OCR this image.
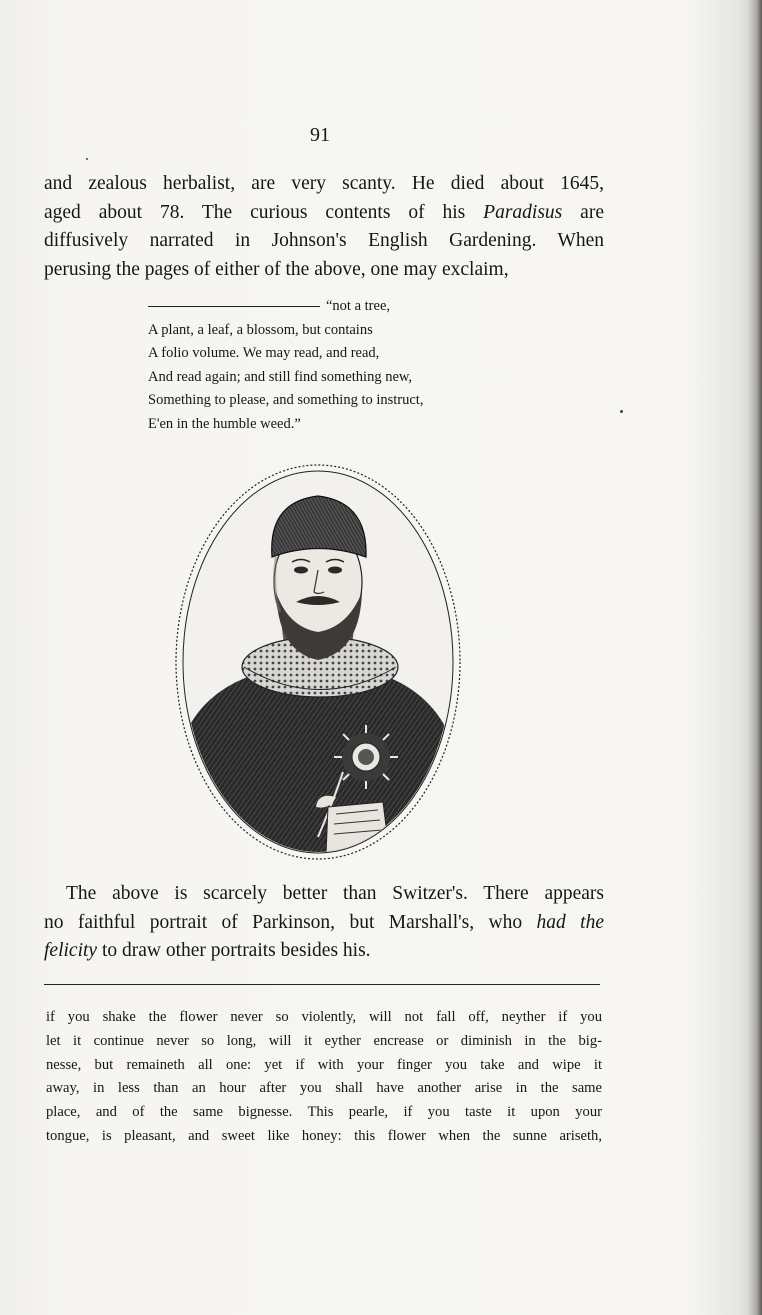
91
and zealous herbalist, are very scanty. He died about 1645,
aged about 78. The curious contents of his Paradisus are
diffusively narrated in Johnson's English Gardening. When
perusing the pages of either of the above, one may exclaim,
“not a tree,
A plant, a leaf, a blossom, but contains
A folio volume. We may read, and read,
And read again; and still find something new,
Something to please, and something to instruct,
E'en in the humble weed.”
The above is scarcely better than Switzer's. There appears
no faithful portrait of Parkinson, but Marshall's, who had the
felicity to draw other portraits besides his.
if you shake the flower never so violently, will not fall off, neyther if you
let it continue never so long, will it eyther encrease or diminish in the big-
nesse, but remaineth all one: yet if with your finger you take and wipe it
away, in less than an hour after you shall have another arise in the same
place, and of the same bignesse. This pearle, if you taste it upon your
tongue, is pleasant, and sweet like honey: this flower when the sunne ariseth,
